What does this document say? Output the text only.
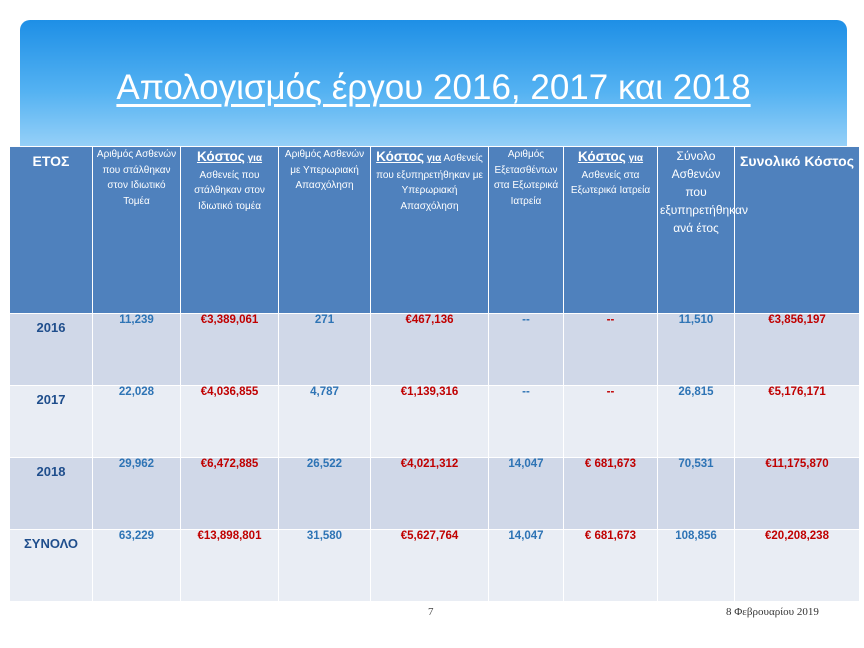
Απολογισμός έργου 2016, 2017 και 2018
ΕΤΟΣ	Αριθμός Ασθενών που στάλθηκαν στον Ιδιωτικό Τομέα	Κόστος για Ασθενείς που στάλθηκαν στον Ιδιωτικό τομέα	Αριθμός Ασθενών με Υπερωριακή Απασχόληση	Κόστος για Ασθενείς που εξυπηρετήθηκαν με Υπερωριακή Απασχόληση	Αριθμός Εξετασθέντων στα Εξωτερικά Ιατρεία	Κόστος για Ασθενείς στα Εξωτερικά Ιατρεία	Σύνολο Ασθενών που εξυπηρετήθηκαν ανά έτος	Συνολικό Κόστος
2016	11,239	€3,389,061	271	€467,136	--	--	11,510	€3,856,197
2017	22,028	€4,036,855	4,787	€1,139,316	--	--	26,815	€5,176,171
2018	29,962	€6,472,885	26,522	€4,021,312	14,047	€ 681,673	70,531	€11,175,870
ΣΥΝΟΛΟ	63,229	€13,898,801	31,580	€5,627,764	14,047	€ 681,673	108,856	€20,208,238
7	8 Φεβρουαρίου 2019
